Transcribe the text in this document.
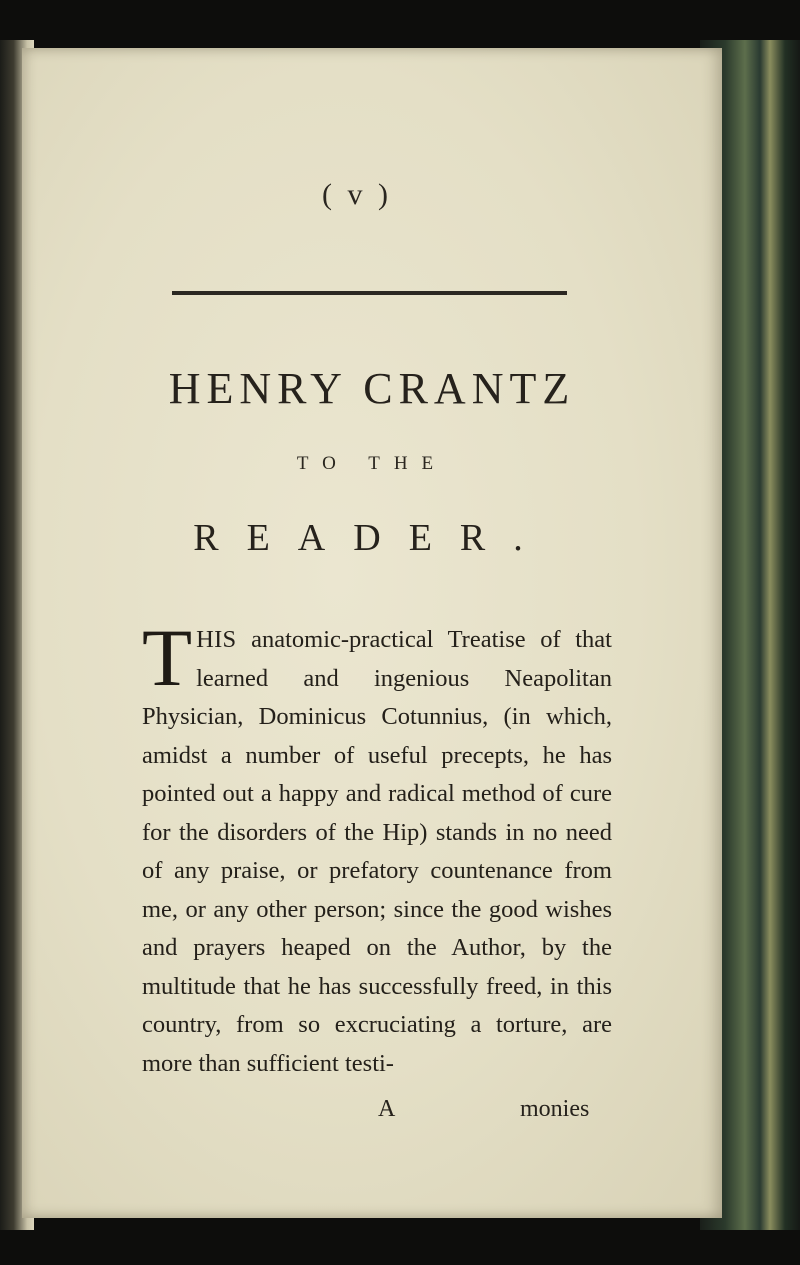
( v )
HENRY CRANTZ
TO THE
READER.

THIS anatomic-practical Treatise of that learned and ingenious Neapolitan Physician, Dominicus Cotunnius, (in which, amidst a number of useful precepts, he has pointed out a happy and radical method of cure for the disorders of the Hip) stands in no need of any praise, or prefatory countenance from me, or any other person; since the good wishes and prayers heaped on the Author, by the multitude that he has successfully freed, in this country, from so excruciating a torture, are more than sufficient testi-

A	monies
